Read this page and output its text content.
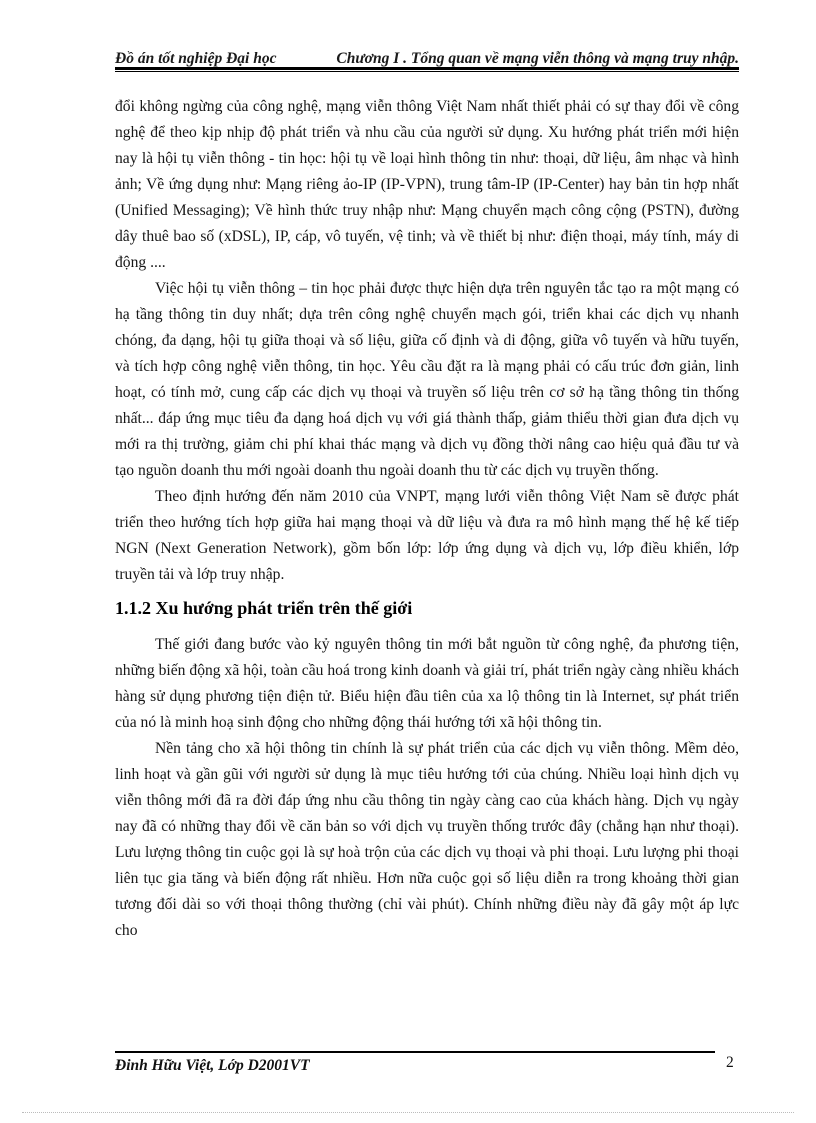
Đồ án tốt nghiệp Đại học	Chương I . Tổng quan về mạng viễn thông và mạng truy nhập.

đổi không ngừng của công nghệ, mạng viễn thông Việt Nam nhất thiết phải có sự thay đổi về công nghệ để theo kịp nhịp độ phát triển và nhu cầu của người sử dụng. Xu hướng phát triển mới hiện nay là hội tụ viễn thông - tin học: hội tụ về loại hình thông tin như: thoại, dữ liệu, âm nhạc và hình ảnh; Về ứng dụng như: Mạng riêng ảo-IP (IP-VPN), trung tâm-IP (IP-Center) hay bản tin hợp nhất (Unified Messaging); Về hình thức truy nhập như: Mạng chuyển mạch công cộng (PSTN), đường dây thuê bao số (xDSL), IP, cáp, vô tuyến, vệ tinh; và về thiết bị như: điện thoại, máy tính, máy di động ....

Việc hội tụ viễn thông – tin học phải được thực hiện dựa trên nguyên tắc tạo ra một mạng có hạ tầng thông tin duy nhất; dựa trên công nghệ chuyển mạch gói, triển khai các dịch vụ nhanh chóng, đa dạng, hội tụ giữa thoại và số liệu, giữa cố định và di động, giữa vô tuyến và hữu tuyến, và tích hợp công nghệ viễn thông, tin học. Yêu cầu đặt ra là mạng phải có cấu trúc đơn giản, linh hoạt, có tính mở, cung cấp các dịch vụ thoại và truyền số liệu trên cơ sở hạ tầng thông tin thống nhất... đáp ứng mục tiêu đa dạng hoá dịch vụ với giá thành thấp, giảm thiểu thời gian đưa dịch vụ mới ra thị trường, giảm chi phí khai thác mạng và dịch vụ đồng thời nâng cao hiệu quả đầu tư và tạo nguồn doanh thu mới ngoài doanh thu ngoài doanh thu từ các dịch vụ truyền thống.

Theo định hướng đến năm 2010 của VNPT, mạng lưới viễn thông Việt Nam sẽ được phát triển theo hướng tích hợp giữa hai mạng thoại và dữ liệu và đưa ra mô hình mạng thế hệ kế tiếp NGN (Next Generation Network), gồm bốn lớp: lớp ứng dụng và dịch vụ, lớp điều khiển, lớp truyền tải và lớp truy nhập.

1.1.2 Xu hướng phát triển trên thế giới

Thế giới đang bước vào kỷ nguyên thông tin mới bắt nguồn từ công nghệ, đa phương tiện, những biến động xã hội, toàn cầu hoá trong kinh doanh và giải trí, phát triển ngày càng nhiều khách hàng sử dụng phương tiện điện tử. Biểu hiện đầu tiên của xa lộ thông tin là Internet, sự phát triển của nó là minh hoạ sinh động cho những động thái hướng tới xã hội thông tin.

Nền tảng cho xã hội thông tin chính là sự phát triển của các dịch vụ viễn thông. Mềm dẻo, linh hoạt và gần gũi với người sử dụng là mục tiêu hướng tới của chúng. Nhiều loại hình dịch vụ viễn thông mới đã ra đời đáp ứng nhu cầu thông tin ngày càng cao của khách hàng. Dịch vụ ngày nay đã có những thay đổi về căn bản so với dịch vụ truyền thống trước đây (chẳng hạn như thoại). Lưu lượng thông tin cuộc gọi là sự hoà trộn của các dịch vụ thoại và phi thoại. Lưu lượng phi thoại liên tục gia tăng và biến động rất nhiều. Hơn nữa cuộc gọi số liệu diễn ra trong khoảng thời gian tương đối dài so với thoại thông thường (chỉ vài phút). Chính những điều này đã gây một áp lực cho

Đinh Hữu Việt, Lớp D2001VT	2
